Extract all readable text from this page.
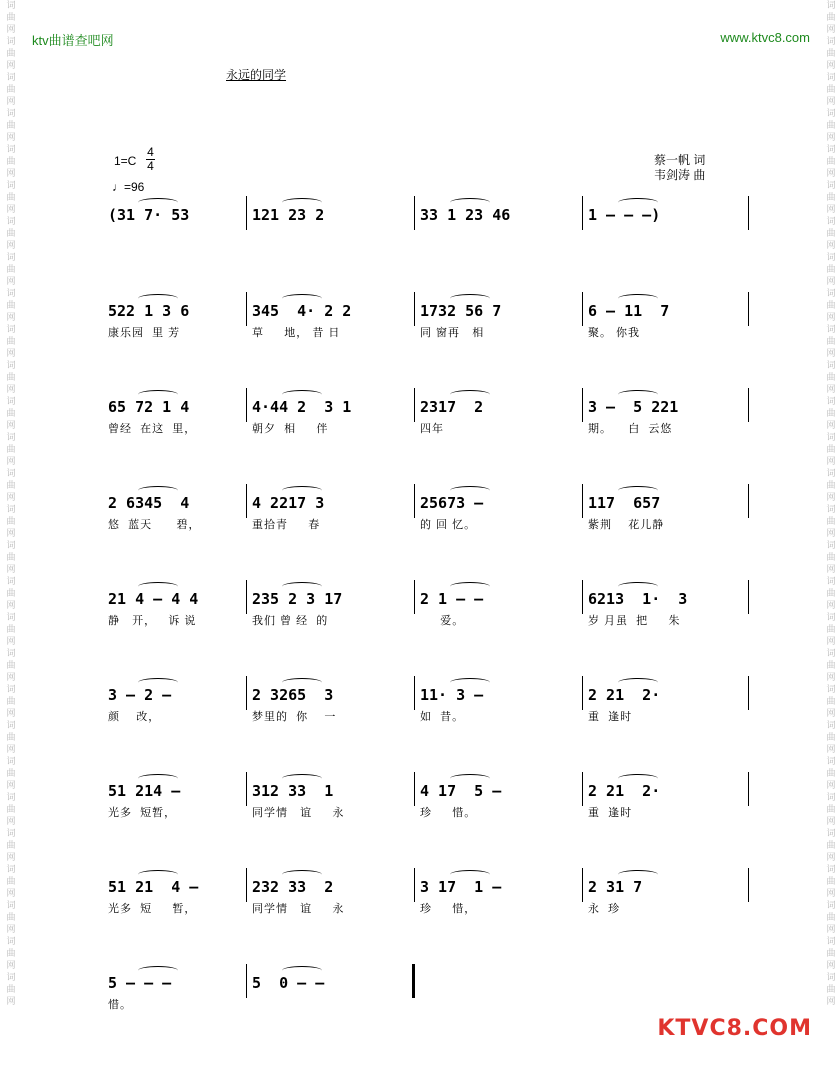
词
曲
网
词
曲
网
词
曲
网
词
曲
网
词
曲
网
词
曲
网
词
曲
网
词
曲
网
词
曲
网
词
曲
网
词
曲
网
词
曲
网
词
曲
网
词
曲
网
词
曲
网
词
曲
网
词
曲
网
词
曲
网
词
曲
网
词
曲
网
词
曲
网
词
曲
网
词
曲
网
词
曲
网
词
曲
网
词
曲
网
词
曲
网
词
曲
网
词
曲
网
词
曲
网
词
曲
网
词
曲
网
词
曲
网
词
曲
网
词
曲
网
词
曲
网
词
曲
网
词
曲
网
词
曲
网
词
曲
网
词
曲
网
词
曲
网
词
曲
网
词
曲
网
词
曲
网
词
曲
网
词
曲
网
词
曲
网
词
曲
网
词
曲
网
词
曲
网
词
曲
网
词
曲
网
词
曲
网
词
曲
网
词
曲
网
ktv曲谱查吧网	www.ktvc8.com
永远的同学
1=C
4
4
♩=96
蔡一帆 词
韦剑涛 曲
(31 7· 53	121 23 2	33 1 23 46	1 — — —)
522 1 3 6
康乐园  里 芳
345  4· 2 2
草     地， 昔 日
1732 56 7
同 窗再   相
6 — 11  7
聚。 你我
65 72 1 4
曾经  在这  里，
4·44 2  3 1
朝夕  相     伴
2317  2
四年
3 —  5 221
期。    白  云悠
2 6345  4
悠  蓝天      碧，
4 2217 3
重拾青     春
25673 —
的 回 忆。
117  657
紫荆    花儿静
21 4 — 4 4
静   开，   诉 说
235 2 3 17
我们 曾 经  的
2 1 — —
爱。
6213  1·  3
岁 月虽  把     朱
3 — 2 —
颜    改，
2 3265  3
梦里的  你    一
11· 3 —
如  昔。
2 21  2·
重  逢时
51 214 —
光多  短暂，
312 33  1
同学情   谊     永
4 17  5 —
珍     惜。
2 21  2·
重  逢时
51 21  4 —
光多  短     暂，
232 33  2
同学情   谊     永
3 17  1 —
珍     惜，
2 31 7
永  珍
5 — — —
惜。
5  0 — —
KTVC8.COM
